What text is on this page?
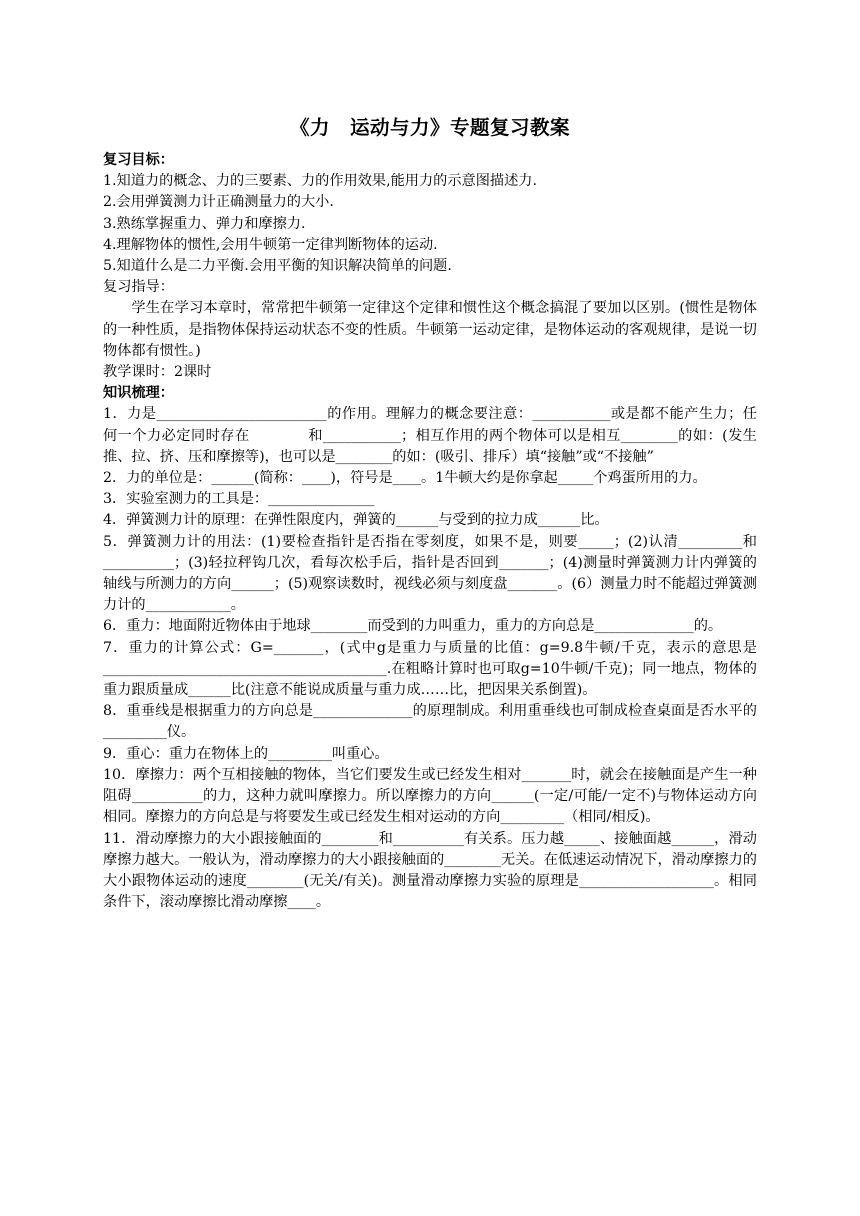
《力　运动与力》专题复习教案

复习目标：

1.知道力的概念、力的三要素、力的作用效果,能用力的示意图描述力.

2.会用弹簧测力计正确测量力的大小.

3.熟练掌握重力、弹力和摩擦力.

4.理解物体的惯性,会用牛顿第一定律判断物体的运动.

5.知道什么是二力平衡.会用平衡的知识解决简单的问题.

复习指导：

学生在学习本章时，常常把牛顿第一定律这个定律和惯性这个概念搞混了要加以区别。(惯性是物体的一种性质，是指物体保持运动状态不变的性质。牛顿第一运动定律，是物体运动的客观规律，是说一切物体都有惯性。)

教学课时：2课时

知识梳理：

1．力是________________________的作用。理解力的概念要注意：___________或是都不能产生力；任何一个力必定同时存在　　　　和___________；相互作用的两个物体可以是相互________的如：(发生推、拉、挤、压和摩擦等)，也可以是________的如：(吸引、排斥）填“接触”或“不接触”

2．力的单位是：______(简称：____)，符号是____。1牛顿大约是你拿起_____个鸡蛋所用的力。

3．实验室测力的工具是：_______________

4．弹簧测力计的原理：在弹性限度内，弹簧的______与受到的拉力成______比。

5．弹簧测力计的用法：(1)要检查指针是否指在零刻度，如果不是，则要_____；(2)认清_________和__________；(3)轻拉秤钩几次，看每次松手后，指针是否回到_______；(4)测量时弹簧测力计内弹簧的轴线与所测力的方向______；(5)观察读数时，视线必须与刻度盘_______。(6）测量力时不能超过弹簧测力计的____________。

6．重力：地面附近物体由于地球________而受到的力叫重力，重力的方向总是______________的。

7．重力的计算公式：G=_______，(式中g是重力与质量的比值：g=9.8牛顿/千克，表示的意思是________________________________________.在粗略计算时也可取g=10牛顿/千克)；同一地点，物体的重力跟质量成______比(注意不能说成质量与重力成……比，把因果关系倒置)。

8．重垂线是根据重力的方向总是______________的原理制成。利用重垂线也可制成检查桌面是否水平的_________仪。

9．重心：重力在物体上的_________叫重心。

10．摩擦力：两个互相接触的物体，当它们要发生或已经发生相对_______时，就会在接触面是产生一种阻碍__________的力，这种力就叫摩擦力。所以摩擦力的方向______(一定/可能/一定不)与物体运动方向相同。摩擦力的方向总是与将要发生或已经发生相对运动的方向_________（相同/相反)。

11．滑动摩擦力的大小跟接触面的________和__________有关系。压力越_____、接触面越______，滑动摩擦力越大。一般认为，滑动摩擦力的大小跟接触面的________无关。在低速运动情况下，滑动摩擦力的大小跟物体运动的速度________(无关/有关)。测量滑动摩擦力实验的原理是___________________。相同条件下，滚动摩擦比滑动摩擦____。
